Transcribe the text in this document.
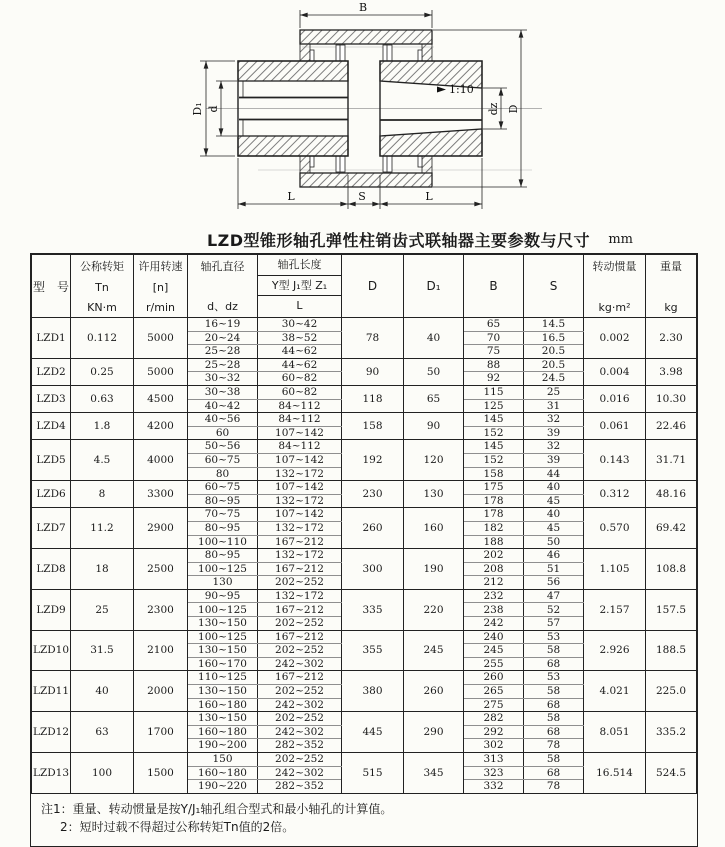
1:10
B
D₁ d	dz D
L	S	L
LZD型锥形轴孔弹性柱销齿式联轴器主要参数与尺寸 mm
型　号

公称转矩
Tn
KN·m

许用转速
[n]
r/min

轴孔直径
d、dz

轴孔长度
Y型 J₁型 Z₁
L

D	D₁	B	S

转动惯量
kg·m²

重量
kg

LZD1	0.112	5000	16~19	30~42	78	40	65	14.5	0.002	2.30
			20~24	38~52			70	16.5		
			25~28	44~62			75	20.5		
LZD2	0.25	5000	25~28	44~62	90	50	88	20.5	0.004	3.98
			30~32	60~82			92	24.5		
LZD3	0.63	4500	30~38	60~82	118	65	115	25	0.016	10.30
			40~42	84~112			125	31		
LZD4	1.8	4200	40~56	84~112	158	90	145	32	0.061	22.46
			60	107~142			152	39		
LZD5	4.5	4000	50~56	84~112	192	120	145	32	0.143	31.71
			60~75	107~142			152	39		
			80	132~172			158	44		
LZD6	8	3300	60~75	107~142	230	130	175	40	0.312	48.16
			80~95	132~172			178	45		
LZD7	11.2	2900	70~75	107~142	260	160	178	40	0.570	69.42
			80~95	132~172			182	45		
			100~110	167~212			188	50		
LZD8	18	2500	80~95	132~172	300	190	202	46	1.105	108.8
			100~125	167~212			208	51		
			130	202~252			212	56		
LZD9	25	2300	90~95	132~172	335	220	232	47	2.157	157.5
			100~125	167~212			238	52		
			130~150	202~252			242	57		
LZD10	31.5	2100	100~125	167~212	355	245	240	53	2.926	188.5
			130~150	202~252			245	58		
			160~170	242~302			255	68		
LZD11	40	2000	110~125	167~212	380	260	260	53	4.021	225.0
			130~150	202~252			265	58		
			160~180	242~302			275	68		
LZD12	63	1700	130~150	202~252	445	290	282	58	8.051	335.2
			160~180	242~302			292	68		
			190~200	282~352			302	78		
LZD13	100	1500	150	202~252	515	345	313	58	16.514	524.5
			160~180	242~302			323	68		
			190~220	282~352			332	78		
注1：重量、转动惯量是按Y/J₁轴孔组合型式和最小轴孔的计算值。
2：短时过载不得超过公称转矩Tn值的2倍。
